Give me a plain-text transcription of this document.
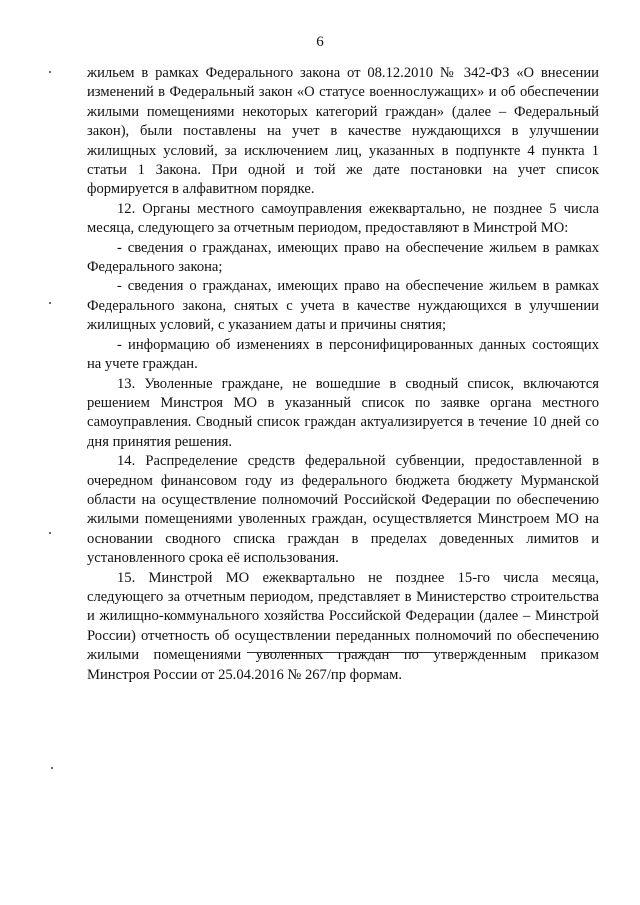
6

жильем в рамках Федерального закона от 08.12.2010 № 342-ФЗ «О внесении изменений в Федеральный закон «О статусе военнослужащих» и об обеспечении жилыми помещениями некоторых категорий граждан» (далее – Федеральный закон), были поставлены на учет в качестве нуждающихся в улучшении жилищных условий, за исключением лиц, указанных в подпункте 4 пункта 1 статьи 1 Закона. При одной и той же дате постановки на учет список формируется в алфавитном порядке.

12. Органы местного самоуправления ежеквартально, не позднее 5 числа месяца, следующего за отчетным периодом, предоставляют в Минстрой МО:

- сведения о гражданах, имеющих право на обеспечение жильем в рамках Федерального закона;

- сведения о гражданах, имеющих право на обеспечение жильем в рамках Федерального закона, снятых с учета в качестве нуждающихся в улучшении жилищных условий, с указанием даты и причины снятия;

- информацию об изменениях в персонифицированных данных состоящих на учете граждан.

13. Уволенные граждане, не вошедшие в сводный список, включаются решением Минстроя МО в указанный список по заявке органа местного самоуправления. Сводный список граждан актуализируется в течение 10 дней со дня принятия решения.

14. Распределение средств федеральной субвенции, предоставленной в очередном финансовом году из федерального бюджета бюджету Мурманской области на осуществление полномочий Российской Федерации по обеспечению жилыми помещениями уволенных граждан, осуществляется Минстроем МО на основании сводного списка граждан в пределах доведенных лимитов и установленного срока её использования.

15. Минстрой МО ежеквартально не позднее 15-го числа месяца, следующего за отчетным периодом, представляет в Министерство строительства и жилищно-коммунального хозяйства Российской Федерации (далее – Минстрой России) отчетность об осуществлении переданных полномочий по обеспечению жилыми помещениями уволенных граждан по утвержденным приказом Минстроя России от 25.04.2016 № 267/пр формам.
